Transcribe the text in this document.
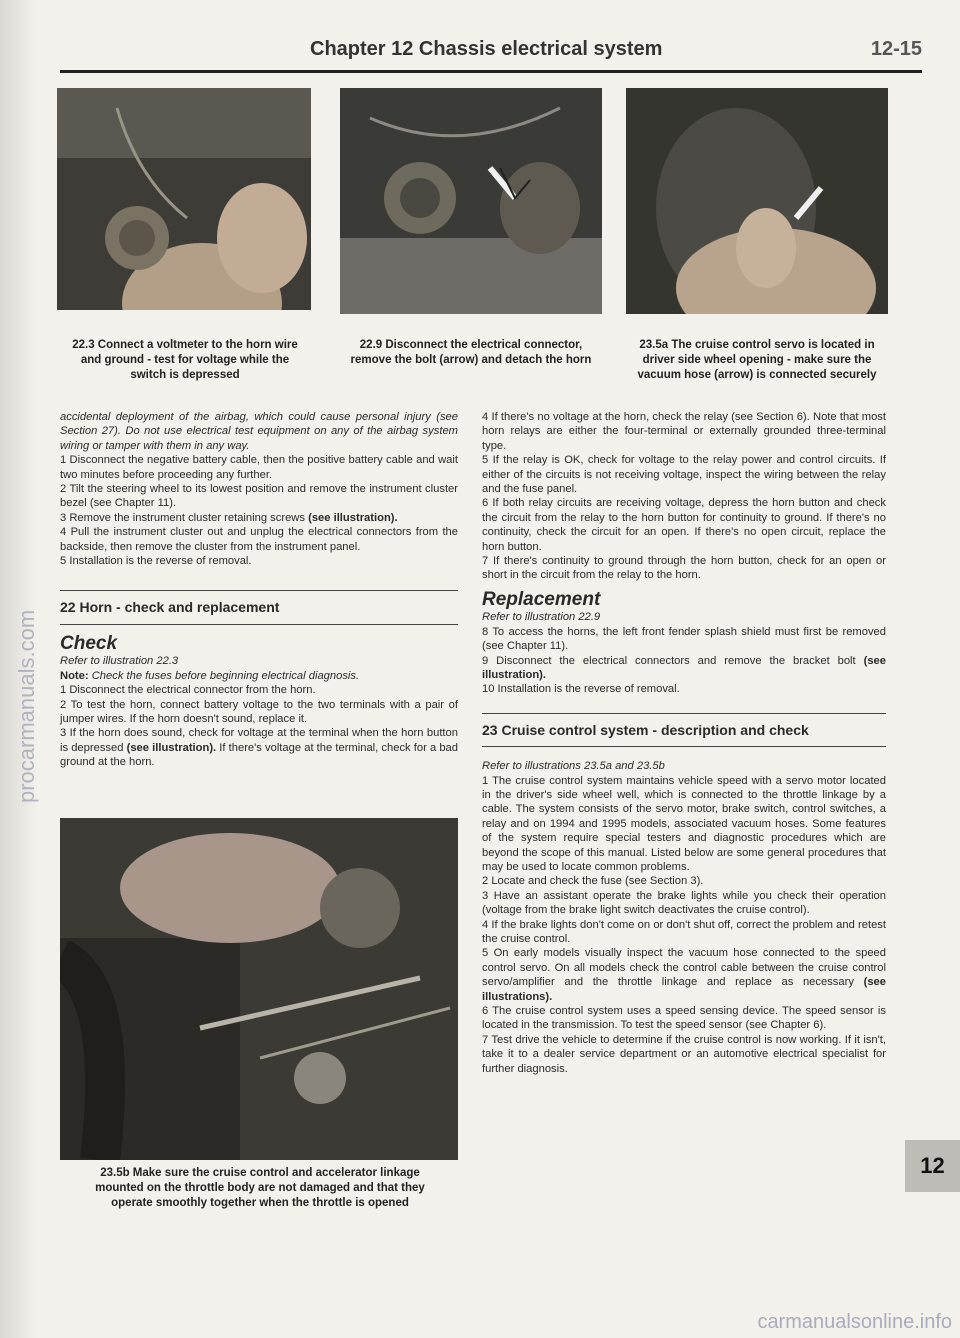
Chapter 12 Chassis electrical system	12-15
22.3 Connect a voltmeter to the horn wire and ground - test for voltage while the switch is depressed
22.9 Disconnect the electrical connector, remove the bolt (arrow) and detach the horn
23.5a The cruise control servo is located in driver side wheel opening - make sure the vacuum hose (arrow) is connected securely

accidental deployment of the airbag, which could cause personal injury (see Section 27). Do not use electrical test equipment on any of the airbag system wiring or tamper with them in any way.

1 Disconnect the negative battery cable, then the positive battery cable and wait two minutes before proceeding any further.

2 Tilt the steering wheel to its lowest position and remove the instrument cluster bezel (see Chapter 11).

3 Remove the instrument cluster retaining screws (see illustration).

4 Pull the instrument cluster out and unplug the electrical connectors from the backside, then remove the cluster from the instrument panel.

5 Installation is the reverse of removal.

22 Horn - check and replacement

Check

Refer to illustration 22.3

Note: Check the fuses before beginning electrical diagnosis.

1 Disconnect the electrical connector from the horn.

2 To test the horn, connect battery voltage to the two terminals with a pair of jumper wires. If the horn doesn't sound, replace it.

3 If the horn does sound, check for voltage at the terminal when the horn button is depressed (see illustration). If there's voltage at the terminal, check for a bad ground at the horn.

23.5b Make sure the cruise control and accelerator linkage mounted on the throttle body are not damaged and that they operate smoothly together when the throttle is opened

4 If there's no voltage at the horn, check the relay (see Section 6). Note that most horn relays are either the four-terminal or externally grounded three-terminal type.

5 If the relay is OK, check for voltage to the relay power and control circuits. If either of the circuits is not receiving voltage, inspect the wiring between the relay and the fuse panel.

6 If both relay circuits are receiving voltage, depress the horn button and check the circuit from the relay to the horn button for continuity to ground. If there's no continuity, check the circuit for an open. If there's no open circuit, replace the horn button.

7 If there's continuity to ground through the horn button, check for an open or short in the circuit from the relay to the horn.

Replacement

Refer to illustration 22.9

8 To access the horns, the left front fender splash shield must first be removed (see Chapter 11).

9 Disconnect the electrical connectors and remove the bracket bolt (see illustration).

10 Installation is the reverse of removal.

23 Cruise control system - description and check

Refer to illustrations 23.5a and 23.5b

1 The cruise control system maintains vehicle speed with a servo motor located in the driver's side wheel well, which is connected to the throttle linkage by a cable. The system consists of the servo motor, brake switch, control switches, a relay and on 1994 and 1995 models, associated vacuum hoses. Some features of the system require special testers and diagnostic procedures which are beyond the scope of this manual. Listed below are some general procedures that may be used to locate common problems.

2 Locate and check the fuse (see Section 3).

3 Have an assistant operate the brake lights while you check their operation (voltage from the brake light switch deactivates the cruise control).

4 If the brake lights don't come on or don't shut off, correct the problem and retest the cruise control.

5 On early models visually inspect the vacuum hose connected to the speed control servo. On all models check the control cable between the cruise control servo/amplifier and the throttle linkage and replace as necessary (see illustrations).

6 The cruise control system uses a speed sensing device. The speed sensor is located in the transmission. To test the speed sensor (see Chapter 6).

7 Test drive the vehicle to determine if the cruise control is now working. If it isn't, take it to a dealer service department or an automotive electrical specialist for further diagnosis.

12
procarmanuals.com
carmanualsonline.info
